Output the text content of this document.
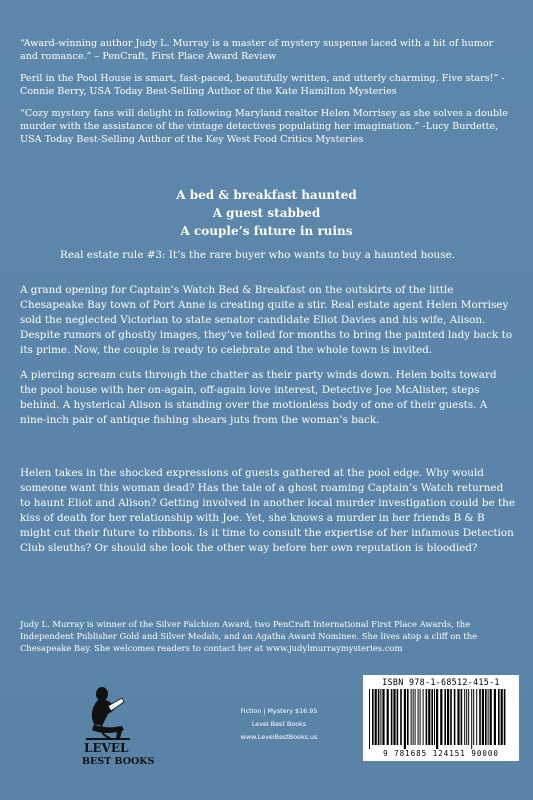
“Award-winning author Judy L. Murray is a master of mystery suspense laced with a bit of humor and romance.” – PenCraft, First Place Award Review

Peril in the Pool House is smart, fast-paced, beautifully written, and utterly charming. Five stars!” - Connie Berry, USA Today Best-Selling Author of the Kate Hamilton Mysteries

“Cozy mystery fans will delight in following Maryland realtor Helen Morrisey as she solves a double murder with the assistance of the vintage detectives populating her imagination.” -Lucy Burdette, USA Today Best-Selling Author of the Key West Food Critics Mysteries

A bed & breakfast haunted
A guest stabbed
A couple’s future in ruins

Real estate rule #3: It’s the rare buyer who wants to buy a haunted house.

A grand opening for Captain’s Watch Bed & Breakfast on the outskirts of the little Chesapeake Bay town of Port Anne is creating quite a stir. Real estate agent Helen Morrisey sold the neglected Victorian to state senator candidate Eliot Davies and his wife, Alison. Despite rumors of ghostly images, they’ve toiled for months to bring the painted lady back to its prime. Now, the couple is ready to celebrate and the whole town is invited.

A piercing scream cuts through the chatter as their party winds down. Helen bolts toward the pool house with her on-again, off-again love interest, Detective Joe McAlister, steps behind. A hysterical Alison is standing over the motionless body of one of their guests. A nine-inch pair of antique fishing shears juts from the woman’s back.

Helen takes in the shocked expressions of guests gathered at the pool edge. Why would someone want this woman dead? Has the tale of a ghost roaming Captain’s Watch returned to haunt Eliot and Alison? Getting involved in another local murder investigation could be the kiss of death for her relationship with Joe. Yet, she knows a murder in her friends B & B might cut their future to ribbons. Is it time to consult the expertise of her infamous Detection Club sleuths? Or should she look the other way before her own reputation is bloodied?

Judy L. Murray is winner of the Silver Falchion Award, two PenCraft International First Place Awards, the Independent Publisher Gold and Silver Medals, and an Agatha Award Nominee. She lives atop a cliff on the Chesapeake Bay. She welcomes readers to contact her at www.judylmurraymysteries.com

LEVEL
BEST BOOKS
Fiction | Mystery $16.95
Level Best Books
www.LevelBestBooks.us
ISBN 978-1-68512-415-1
9 781685 124151 90000
